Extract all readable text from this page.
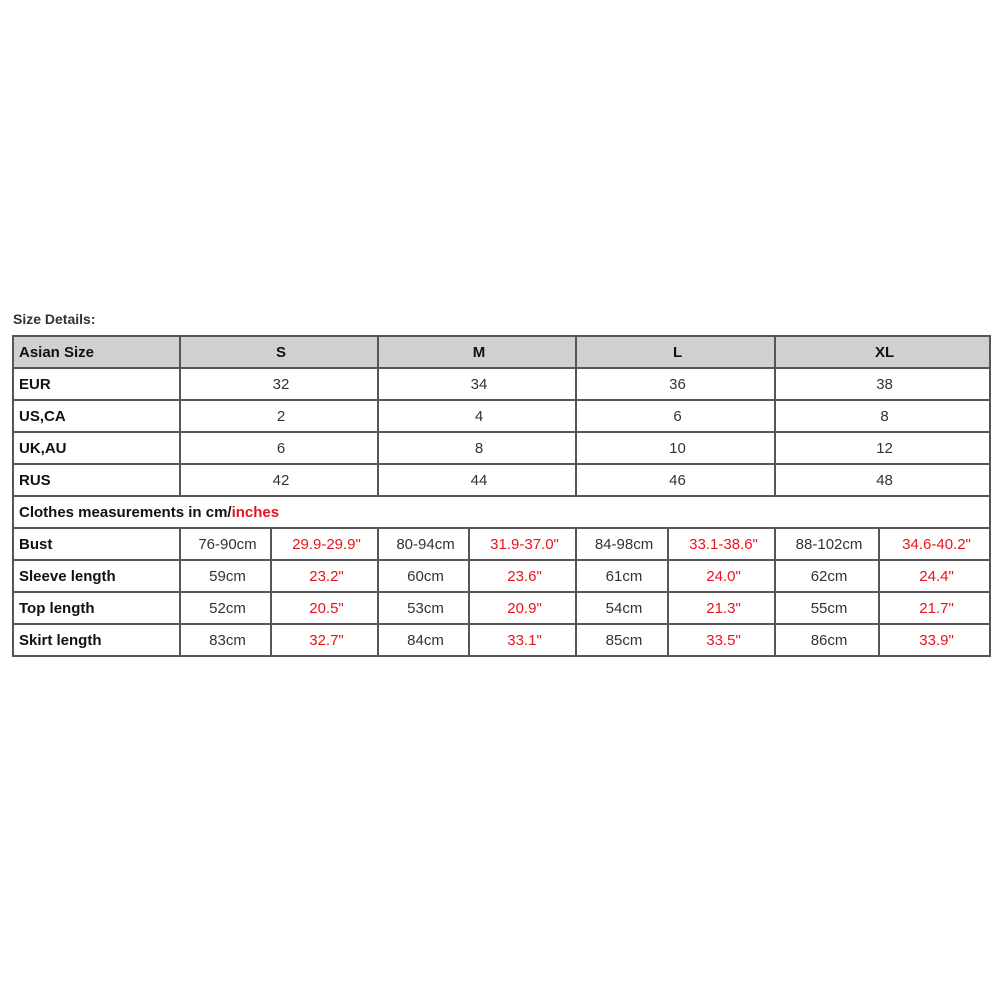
Size Details:
Asian Size	S		M		L		XL	
EUR	32		34		36		38	
US,CA	2		4		6		8	
UK,AU	6		8		10		12	
RUS	42		44		46		48	
Clothes measurements in cm/inches								
Bust	76-90cm	29.9-29.9"	80-94cm	31.9-37.0"	84-98cm	33.1-38.6"	88-102cm	34.6-40.2"
Sleeve length	59cm	23.2"	60cm	23.6"	61cm	24.0"	62cm	24.4"
Top length	52cm	20.5"	53cm	20.9"	54cm	21.3"	55cm	21.7"
Skirt length	83cm	32.7"	84cm	33.1"	85cm	33.5"	86cm	33.9"
